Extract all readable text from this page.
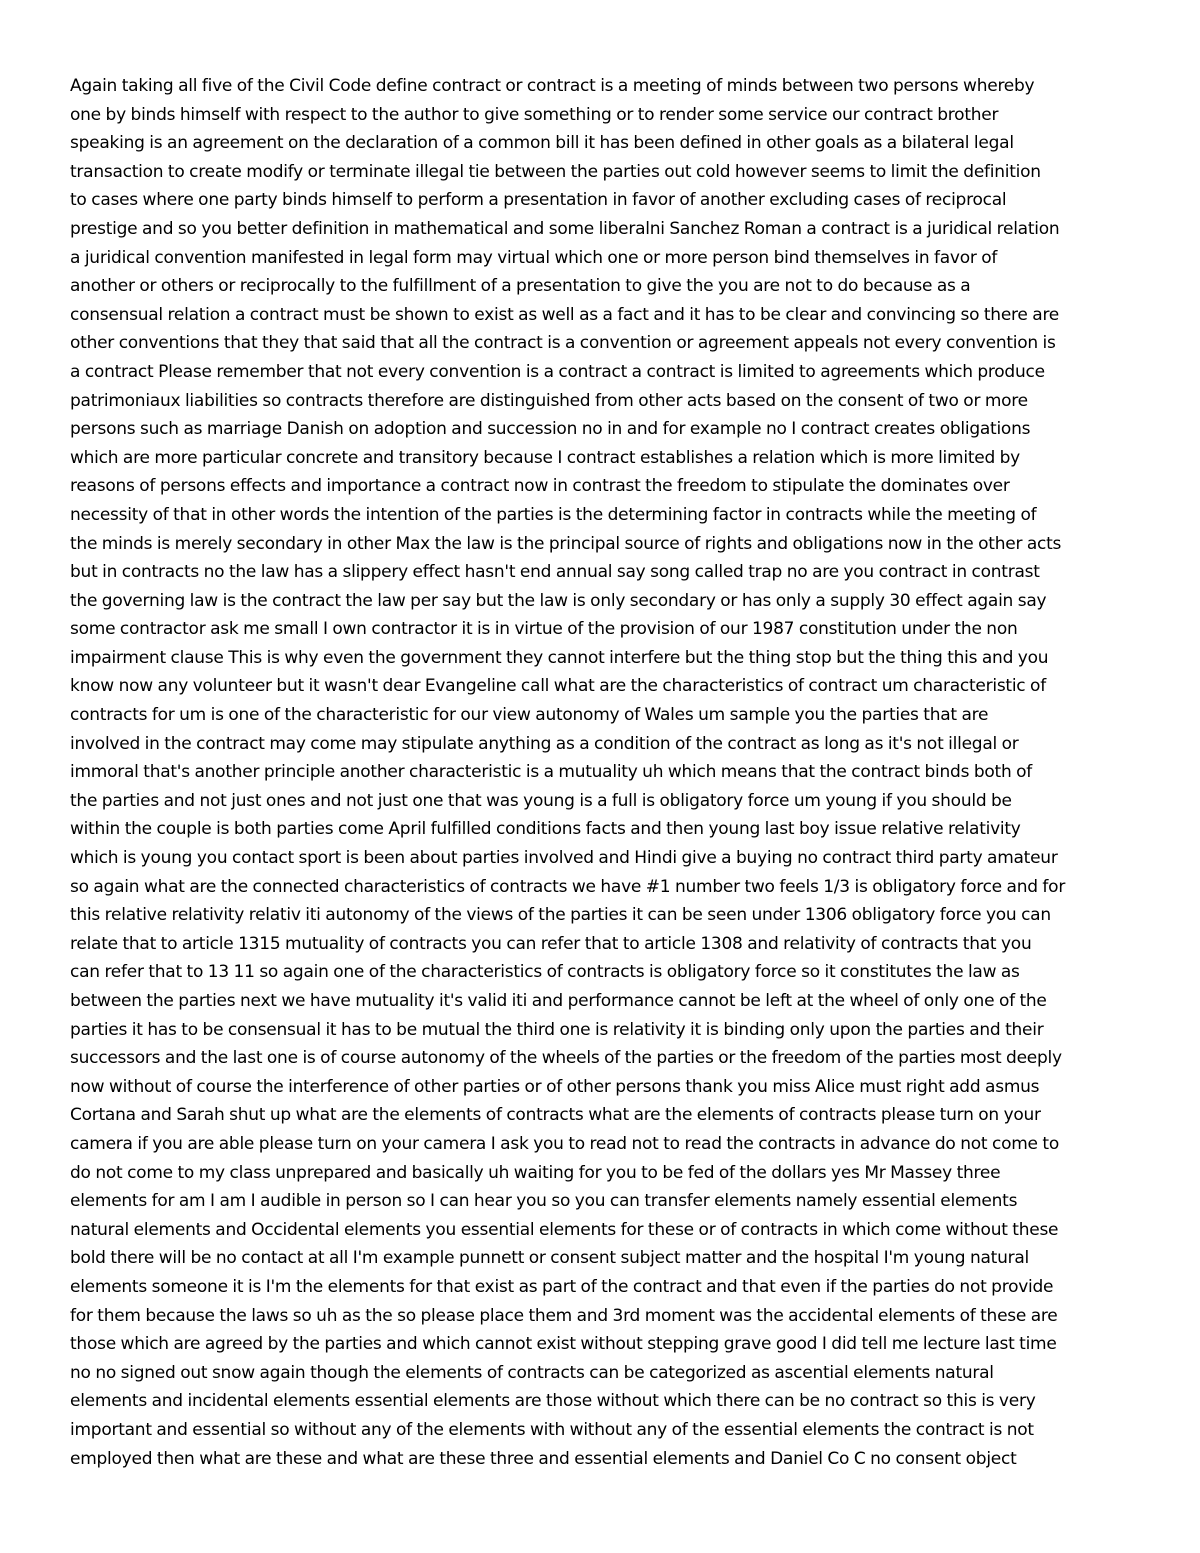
Again taking all five of the Civil Code define contract or contract is a meeting of minds between two persons whereby
one by binds himself with respect to the author to give something or to render some service our contract brother
speaking is an agreement on the declaration of a common bill it has been defined in other goals as a bilateral legal
transaction to create modify or terminate illegal tie between the parties out cold however seems to limit the definition
to cases where one party binds himself to perform a presentation in favor of another excluding cases of reciprocal
prestige and so you better definition in mathematical and some liberalni Sanchez Roman a contract is a juridical relation
a juridical convention manifested in legal form may virtual which one or more person bind themselves in favor of
another or others or reciprocally to the fulfillment of a presentation to give the you are not to do because as a
consensual relation a contract must be shown to exist as well as a fact and it has to be clear and convincing so there are
other conventions that they that said that all the contract is a convention or agreement appeals not every convention is
a contract Please remember that not every convention is a contract a contract is limited to agreements which produce
patrimoniaux liabilities so contracts therefore are distinguished from other acts based on the consent of two or more
persons such as marriage Danish on adoption and succession no in and for example no I contract creates obligations
which are more particular concrete and transitory because I contract establishes a relation which is more limited by
reasons of persons effects and importance a contract now in contrast the freedom to stipulate the dominates over
necessity of that in other words the intention of the parties is the determining factor in contracts while the meeting of
the minds is merely secondary in other Max the law is the principal source of rights and obligations now in the other acts
but in contracts no the law has a slippery effect hasn't end annual say song called trap no are you contract in contrast
the governing law is the contract the law per say but the law is only secondary or has only a supply 30 effect again say
some contractor ask me small I own contractor it is in virtue of the provision of our 1987 constitution under the non
impairment clause This is why even the government they cannot interfere but the thing stop but the thing this and you
know now any volunteer but it wasn't dear Evangeline call what are the characteristics of contract um characteristic of
contracts for um is one of the characteristic for our view autonomy of Wales um sample you the parties that are
involved in the contract may come may stipulate anything as a condition of the contract as long as it's not illegal or
immoral that's another principle another characteristic is a mutuality uh which means that the contract binds both of
the parties and not just ones and not just one that was young is a full is obligatory force um young if you should be
within the couple is both parties come April fulfilled conditions facts and then young last boy issue relative relativity
which is young you contact sport is been about parties involved and Hindi give a buying no contract third party amateur
so again what are the connected characteristics of contracts we have #1 number two feels 1/3 is obligatory force and for
this relative relativity relativ iti autonomy of the views of the parties it can be seen under 1306 obligatory force you can
relate that to article 1315 mutuality of contracts you can refer that to article 1308 and relativity of contracts that you
can refer that to 13 11 so again one of the characteristics of contracts is obligatory force so it constitutes the law as
between the parties next we have mutuality it's valid iti and performance cannot be left at the wheel of only one of the
parties it has to be consensual it has to be mutual the third one is relativity it is binding only upon the parties and their
successors and the last one is of course autonomy of the wheels of the parties or the freedom of the parties most deeply
now without of course the interference of other parties or of other persons thank you miss Alice must right add asmus
Cortana and Sarah shut up what are the elements of contracts what are the elements of contracts please turn on your
camera if you are able please turn on your camera I ask you to read not to read the contracts in advance do not come to
do not come to my class unprepared and basically uh waiting for you to be fed of the dollars yes Mr Massey three
elements for am I am I audible in person so I can hear you so you can transfer elements namely essential elements
natural elements and Occidental elements you essential elements for these or of contracts in which come without these
bold there will be no contact at all I'm example punnett or consent subject matter and the hospital I'm young natural
elements someone it is I'm the elements for that exist as part of the contract and that even if the parties do not provide
for them because the laws so uh as the so please place them and 3rd moment was the accidental elements of these are
those which are agreed by the parties and which cannot exist without stepping grave good I did tell me lecture last time
no no signed out snow again though the elements of contracts can be categorized as ascential elements natural
elements and incidental elements essential elements are those without which there can be no contract so this is very
important and essential so without any of the elements with without any of the essential elements the contract is not
employed then what are these and what are these three and essential elements and Daniel Co C no consent object
